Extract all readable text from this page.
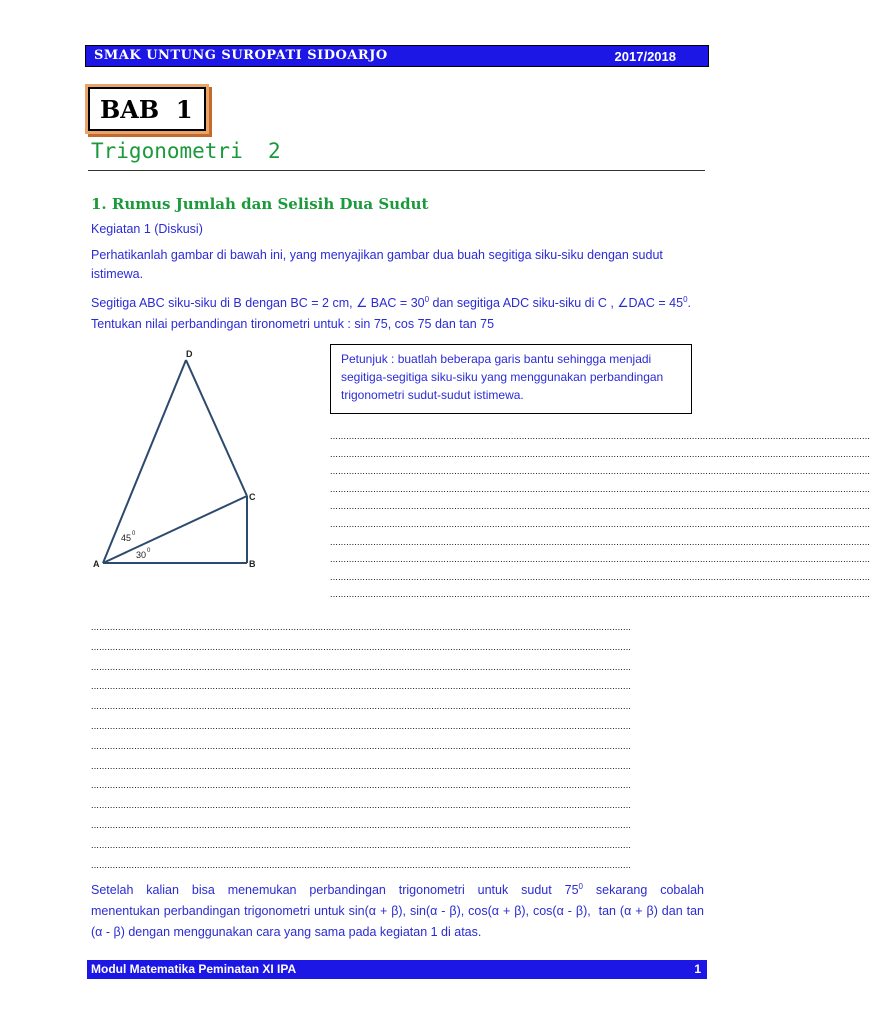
SMAK UNTUNG SUROPATI SIDOARJO	2017/2018
BAB  1
Trigonometri  2
1. Rumus Jumlah dan Selisih Dua Sudut
Kegiatan 1 (Diskusi)
Perhatikanlah gambar di bawah ini, yang menyajikan gambar dua buah segitiga siku-siku dengan sudut istimewa.
Segitiga ABC siku-siku di B dengan BC = 2 cm, ∠ BAC = $30^0$ dan segitiga ADC siku-siku di C , ∠DAC = $45^0$.
Tentukan nilai perbandingan tironometri untuk : sin 75, cos 75 dan tan 75
D
C
A	B
45 0
30 0
Petunjuk : buatlah beberapa garis bantu sehingga menjadi segitiga-segitiga siku-siku yang menggunakan perbandingan trigonometri sudut-sudut istimewa.
........................................................................................................................................................................................................
........................................................................................................................................................................................................
........................................................................................................................................................................................................
........................................................................................................................................................................................................
........................................................................................................................................................................................................
........................................................................................................................................................................................................
........................................................................................................................................................................................................
........................................................................................................................................................................................................
........................................................................................................................................................................................................
........................................................................................................................................................................................................
........................................................................................................................................................................................................
........................................................................................................................................................................................................
........................................................................................................................................................................................................
........................................................................................................................................................................................................
........................................................................................................................................................................................................
........................................................................................................................................................................................................
........................................................................................................................................................................................................
........................................................................................................................................................................................................
........................................................................................................................................................................................................
........................................................................................................................................................................................................
........................................................................................................................................................................................................
........................................................................................................................................................................................................
........................................................................................................................................................................................................
Setelah  kalian  bisa  menemukan  perbandingan  trigonometri  untuk  sudut  $75^0$  sekarang  cobalah menentukan perbandingan trigonometri untuk sin(α + β), sin(α - β), cos(α + β), cos(α - β),  tan (α + β) dan tan (α - β) dengan menggunakan cara yang sama pada kegiatan 1 di atas.
Modul Matematika Peminatan XI IPA	1
